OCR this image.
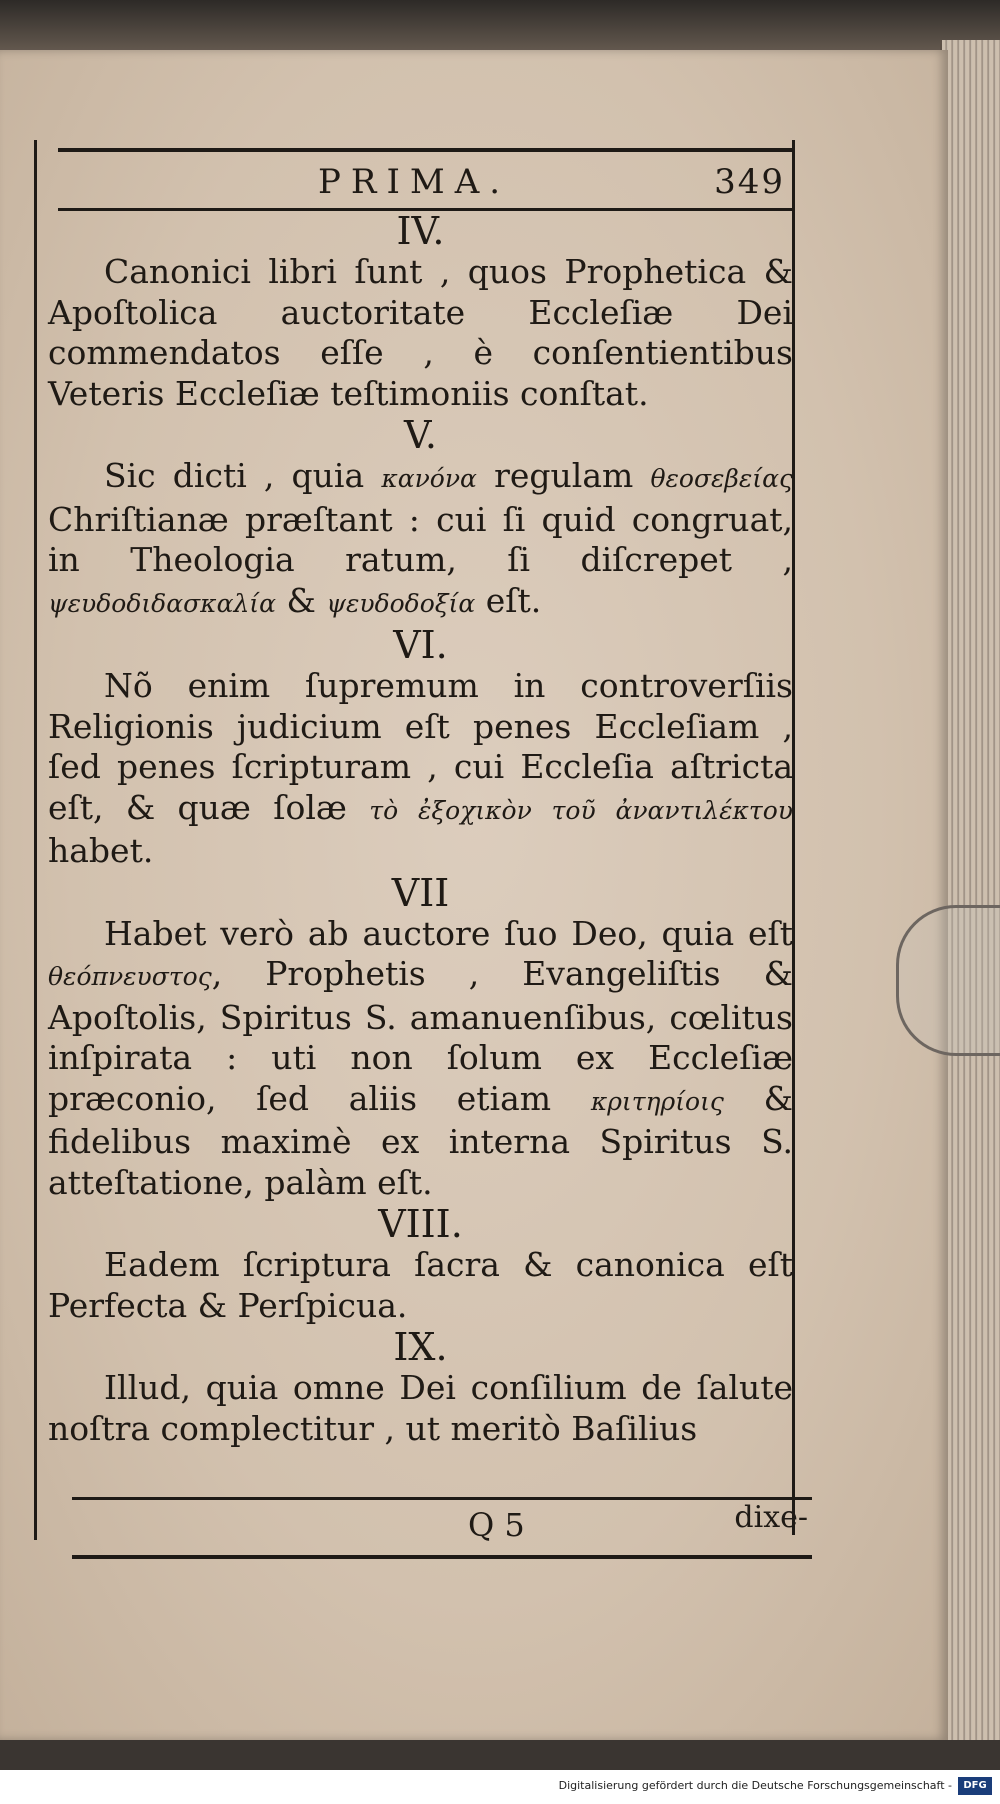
PRIMA.	349

IV.

Canonici libri ſunt , quos Prophetica & Apoſtolica auctoritate Eccleſiæ Dei commendatos eſſe , è conſentientibus Veteris Eccleſiæ teſtimoniis conſtat.

V.

Sic dicti , quia κανόνα regulam θεοσεβείας Chriſtianæ præſtant : cui ſi quid congruat, in Theologia ratum, ſi diſcrepet , ψευδοδιδασκαλία & ψευδοδοξία eſt.

VI.

Nõ enim ſupremum in controverſiis Religionis judicium eſt penes Eccleſiam , ſed penes ſcripturam , cui Eccleſia aſtricta eſt, & quæ ſolæ τὸ ἐξοχικὸν τοῦ ἀναντιλέκτου habet.

VII

Habet verò ab auctore ſuo Deo, quia eſt θεόπνευστος, Prophetis , Evangeliſtis & Apoſtolis, Spiritus S. amanuenſibus, cœlitus inſpirata : uti non ſolum ex Eccleſiæ præconio, ſed aliis etiam κριτηρίοις & fidelibus maximè ex interna Spiritus S. atteſtatione, palàm eſt.

VIII.

Eadem ſcriptura ſacra & canonica eſt Perfecta & Perſpicua.

IX.

Illud, quia omne Dei conſilium de ſalute noſtra complectitur , ut meritò Baſilius

Q 5	dixe-
Digitalisierung gefördert durch die Deutsche Forschungsgemeinschaft -	DFG
